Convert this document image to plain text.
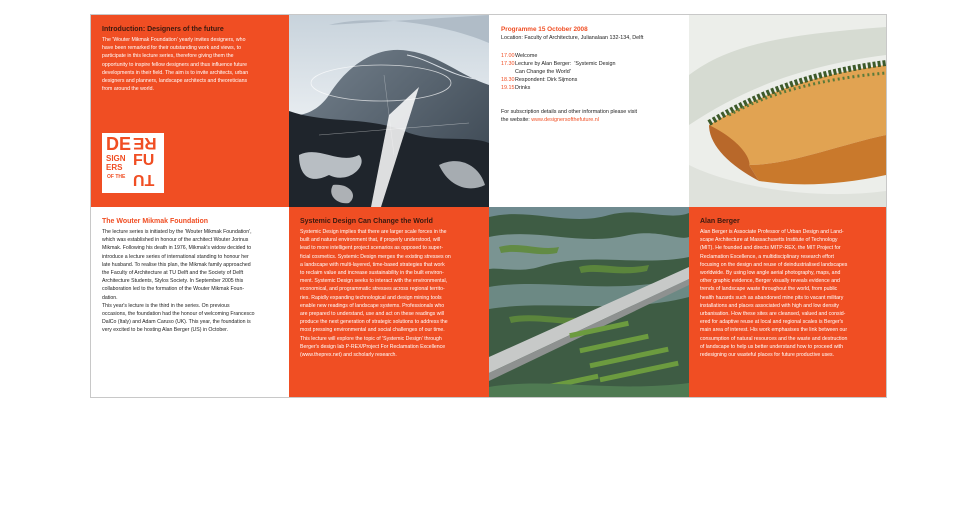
Introduction: Designers of the future
The 'Wouter Mikmak Foundation' yearly invites designers, who
have been remarked for their outstanding work and views, to
participate in this lecture series, therefore giving them the
opportunity to inspire fellow designers and thus influence future
developments in their field. The aim is to invite architects, urban
designers and planners, landscape architects and theoreticians
from around the world.
DE
SIGN
ERS
OF THE
RE
FU
TU
Programme 15 October 2008
Location: Faculty of Architecture, Julianalaan 132-134, Delft
17.00 Welcome
17.30 Lecture by Alan Berger:  'Systemic Design
Can Change the World'
18.30 Respondent: Dirk Sijmons
19.15 Drinks
For subscription details and other information please visit
the website: www.designersofthefuture.nl
The Wouter Mikmak Foundation
The lecture series is initiated by the 'Wouter Mikmak Foundation',
which was established in honour of the architect Wouter Jorinus
Mikmak. Following his death in 1976, Mikmak's widow decided to
introduce a lecture series of international standing to honour her
late husband. To realise this plan, the Mikmak family approached
the Faculty of Architecture at TU Delft and the Society of Delft
Architecture Students, Stylos Society. In September 2005 this
collaboration led to the formation of the Wouter Mikmak Foun-
dation.
This year's lecture is the third in the series. On previous
occasions, the foundation had the honour of welcoming Francesco
DalCo (Italy) and Adam Caruso (UK). This year, the foundation is
very excited to be hosting Alan Berger (US) in October.
Systemic Design Can Change the World
Systemic Design implies that there are larger scale forces in the
built and natural environment that, if properly understood, will
lead to more intelligent project scenarios as opposed to super-
ficial cosmetics. Systemic Design merges the existing stresses on
a landscape with multi-layered, time-based strategies that work
to reclaim value and increase sustainability in the built environ-
ment. Systemic Design seeks to interact with the environmental,
economical, and programmatic stresses across regional territo-
ries. Rapidly expanding technological and design mining tools
enable new readings of landscape systems. Professionals who
are prepared to understand, use and act on these readings will
produce the next generation of strategic solutions to address the
most pressing environmental and social challenges of our time.
This lecture will explore the topic of 'Systemic Design' through
Berger's design lab P-REX/Project For Reclamation Excellence
(www.theprex.net) and scholarly research.
Alan Berger
Alan Berger is Associate Professor of Urban Design and Land-
scape Architecture at Massachusetts Institute of Technology
(MIT). He founded and directs MITP-REX, the MIT Project for
Reclamation Excellence, a multidisciplinary research effort
focusing on the design and reuse of deindustrialised landscapes
worldwide. By using low angle aerial photography, maps, and
other graphic evidence, Berger visually reveals evidence and
trends of landscape waste throughout the world, from public
health hazards such as abandoned mine pits to vacant military
installations and places associated with high and low density
urbanisation. How these sites are cleansed, valued and consid-
ered for adaptive reuse at local and regional scales is Berger's
main area of interest. His work emphasises the link between our
consumption of natural resources and the waste and destruction
of landscape to help us better understand how to proceed with
redesigning our wasteful places for future productive uses.
